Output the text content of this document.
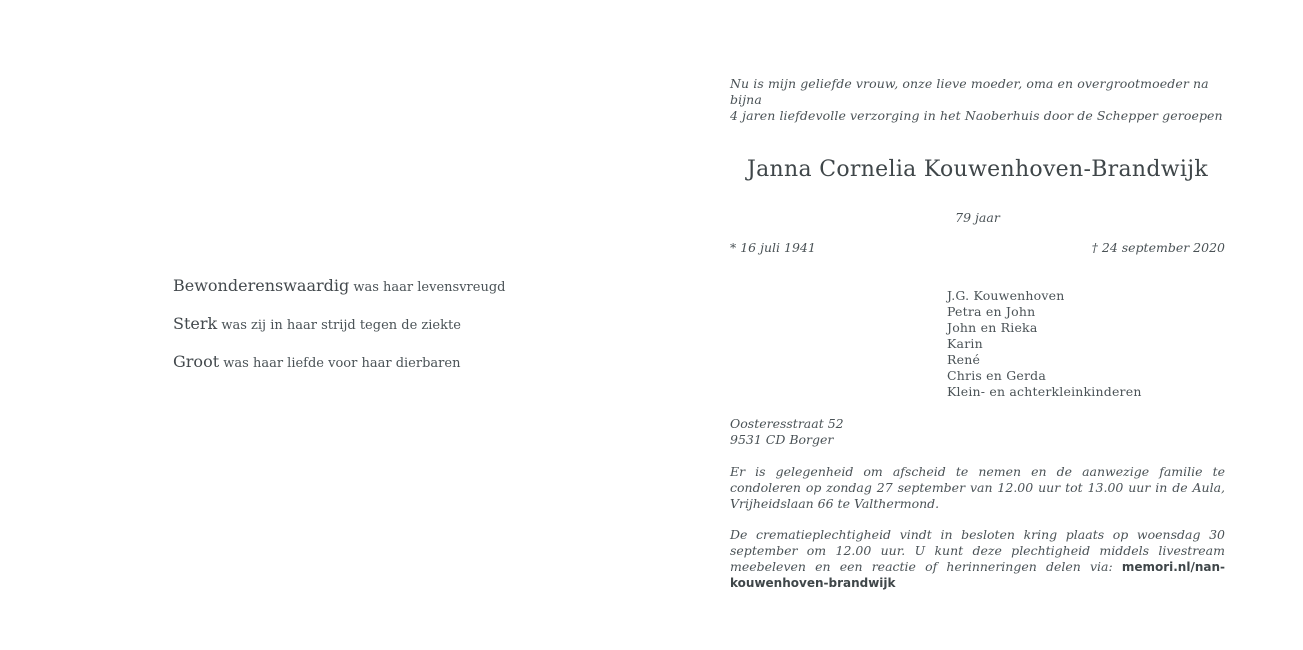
Bewonderenswaardig was haar levensvreugd
Sterk was zij in haar strijd tegen de ziekte
Groot was haar liefde voor haar dierbaren
Nu is mijn geliefde vrouw, onze lieve moeder, oma en overgrootmoeder na bijna
4 jaren liefdevolle verzorging in het Naoberhuis door de Schepper geroepen
Janna Cornelia Kouwenhoven-Brandwijk
79 jaar
* 16 juli 1941	† 24 september 2020
J.G. Kouwenhoven
Petra en John
John en Rieka
Karin
René
Chris en Gerda
Klein- en achterkleinkinderen
Oosteresstraat 52
9531 CD Borger
Er is gelegenheid om afscheid te nemen en de aanwezige familie te condoleren op zondag 27 september van 12.00 uur tot 13.00 uur in de Aula, Vrijheidslaan 66 te Valthermond.
De crematieplechtigheid vindt in besloten kring plaats op woensdag 30 september om 12.00 uur. U kunt deze plechtigheid middels livestream meebeleven en een reactie of herinneringen delen via: memori.nl/nan-kouwenhoven-brandwijk
